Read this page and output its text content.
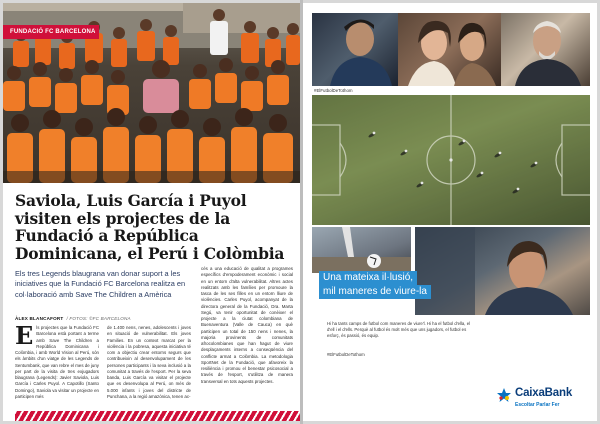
FUNDACIÓ FC BARCELONA
Saviola, Luis García i Puyol visiten els projectes de la Fundació a República Dominicana, el Perú i Colòmbia

Els tres Legends blaugrana van donar suport a les iniciatives que la Fundació FC Barcelona realitza en col·laboració amb Save The Children a Amèrica

ÀLEX BLANCAFORT / FOTOS: ©FC BARCELONA
Els projectes que la Fundació FC Barcelona està portant a terme amb Save The Children a República Dominicana i Colòmbia, i amb World Vision al Perú, són els àmbits d'un viatge de les Legends de Sentumbank, que van rebre el mes de juny per part de la visita de tres exjugadors blaugrana (Legends): Javier Saviola, Luis García i Carles Puyol. A Capotillo (Santo Domingo), Saviola va visitar un projecte en participen més
de 1.400 nens, nenes, adolescents i joves en situació de vulnerabilitat. Els joves Families. En un context marcat per la violència i la pobresa, aquesta iniciativa té com a objectiu crear entorns segurs que contribueixin al desenvolupament de les persones participants i la seva inclusió a la comunitat a través de l'esport. Per la seva banda, Luis García va visitar el projecte que es desenvolupa al Perú, on més de 5.000 infants i joves del districte de Punchana, a la regió amazònica, tenen ac-
cés a una educació de qualitat a programes específics d'empoderament econòmic i social en un entorn d'alta vulnerabilitat. Altres actes realitzats amb les famílies per promoure la tasca de les ses filles en un entorn lliure de violències. Carles Puyol, acompanyat de la directora general de la Fundació, Dra. Marta Segú, va tenir oportunitat de conèixer el projecte a la ciutat colombiana de Buenaventura (Valle de Cauca) en què participen un total de 150 nens i nenes, la majoria provinents de comunitats afrocolombianes que han hagut de viure desplaçaments interns a conseqüència del conflicte armat a Colòmbia. La metodologia SportNet de la Fundació, que afavoreix la resiliència i promou el benestar psicosocial a través de l'esport, s'utilitza de manera transversal en tots aquests projectes.
#ElFutbolDeTothom
Una mateixa il·lusió,
mil maneres de viure-la

Hi ha tants camps de futbol com maneres de viure'l. Hi ha el futbol d'ella, el d'ell i el d'ells. Perquè al futbol és molt més que uns jugadors, el futbol es esforç, és passió, és equip.

#ElFutbolDeTothom
CaixaBank
Escoltar Parlar Fer
